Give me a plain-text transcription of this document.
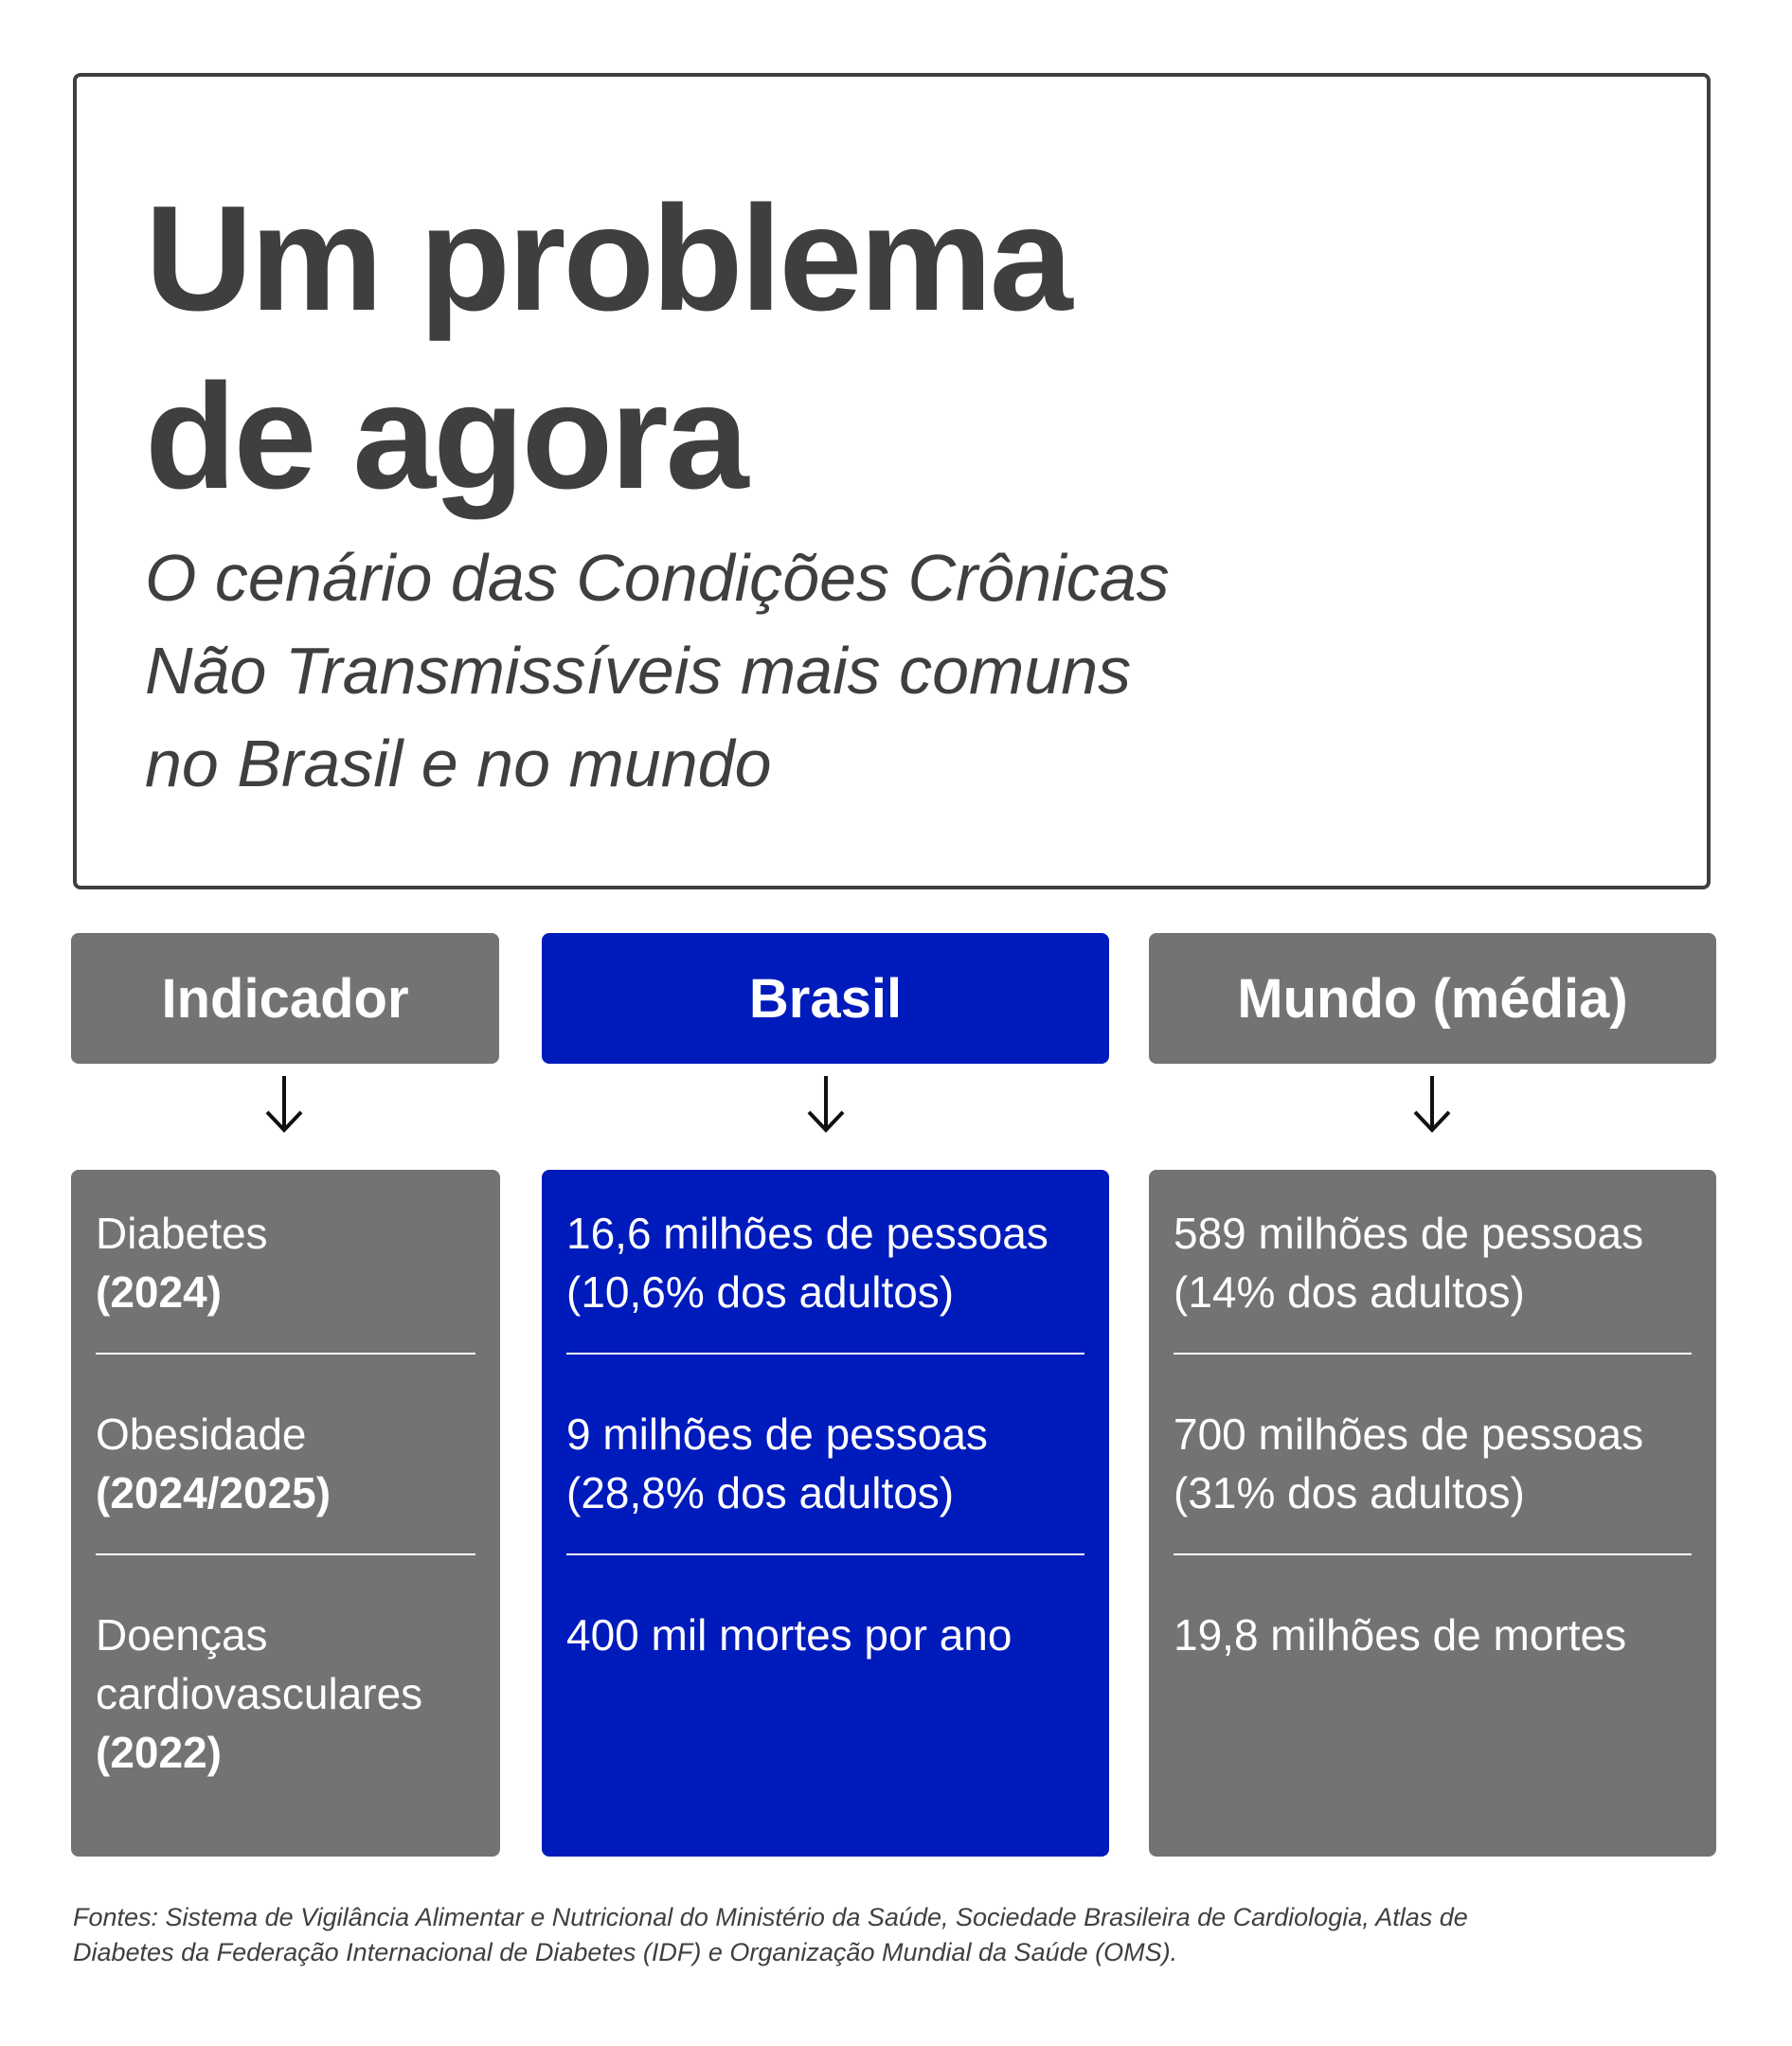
Um problema
de agora

O cenário das Condições Crônicas
Não Transmissíveis mais comuns
no Brasil e no mundo

Indicador	Brasil	Mundo (média)
Diabetes
(2024)
Obesidade
(2024/2025)
Doenças
cardiovasculares
(2022)
16,6 milhões de pessoas
(10,6% dos adultos)
9 milhões de pessoas
(28,8% dos adultos)
400 mil mortes por ano
589 milhões de pessoas
(14% dos adultos)
700 milhões de pessoas
(31% dos adultos)
19,8 milhões de mortes
Fontes: Sistema de Vigilância Alimentar e Nutricional do Ministério da Saúde, Sociedade Brasileira de Cardiologia, Atlas de
Diabetes da Federação Internacional de Diabetes (IDF) e Organização Mundial da Saúde (OMS).
